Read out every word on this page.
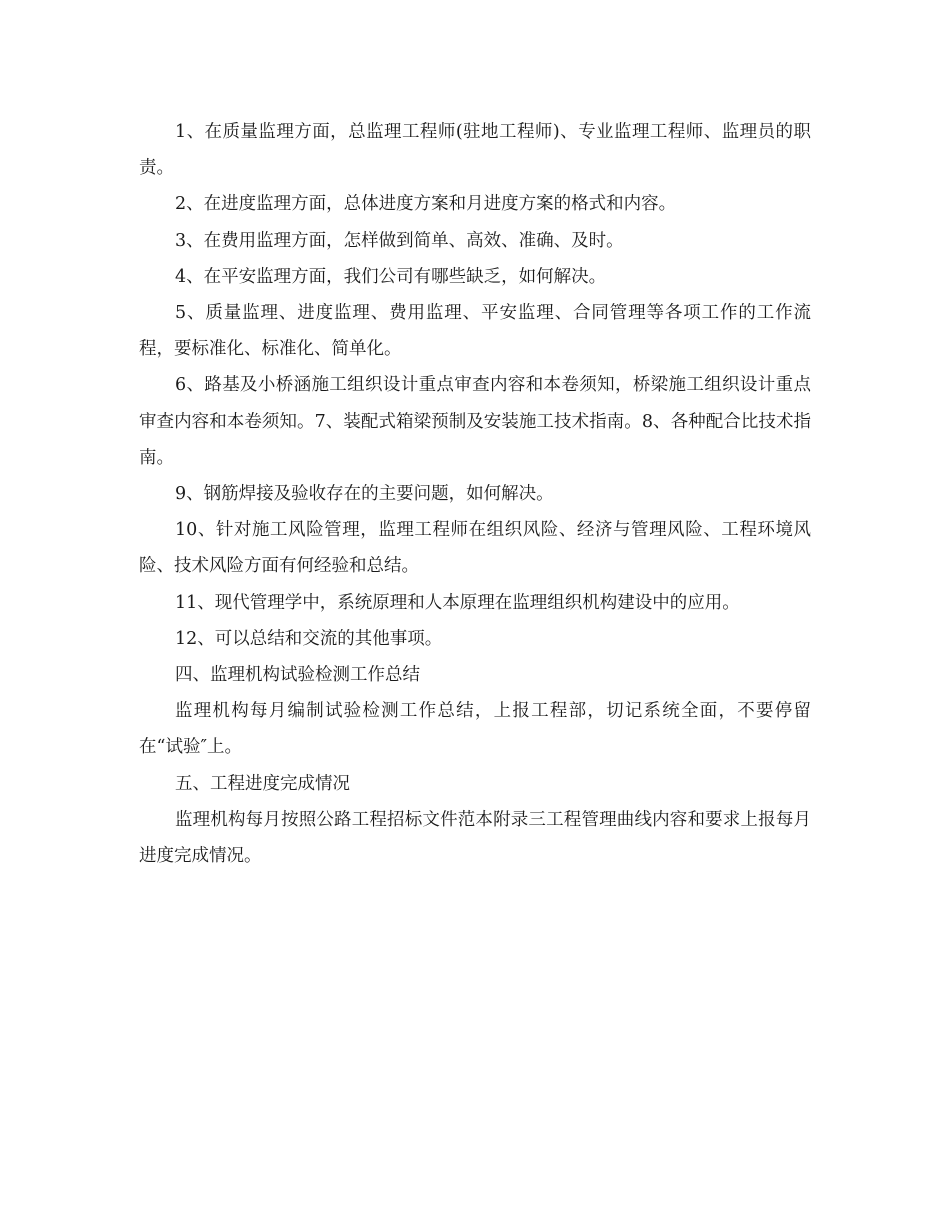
1、在质量监理方面，总监理工程师(驻地工程师)、专业监理工程师、监理员的职责。

2、在进度监理方面，总体进度方案和月进度方案的格式和内容。

3、在费用监理方面，怎样做到简单、高效、准确、及时。

4、在平安监理方面，我们公司有哪些缺乏，如何解决。

5、质量监理、进度监理、费用监理、平安监理、合同管理等各项工作的工作流程，要标准化、标准化、简单化。

6、路基及小桥涵施工组织设计重点审查内容和本卷须知，桥梁施工组织设计重点审查内容和本卷须知。7、装配式箱梁预制及安装施工技术指南。8、各种配合比技术指南。

9、钢筋焊接及验收存在的主要问题，如何解决。

10、针对施工风险管理，监理工程师在组织风险、经济与管理风险、工程环境风险、技术风险方面有何经验和总结。

11、现代管理学中，系统原理和人本原理在监理组织机构建设中的应用。

12、可以总结和交流的其他事项。

四、监理机构试验检测工作总结

监理机构每月编制试验检测工作总结，上报工程部，切记系统全面，不要停留在“试验″上。

五、工程进度完成情况

监理机构每月按照公路工程招标文件范本附录三工程管理曲线内容和要求上报每月进度完成情况。
